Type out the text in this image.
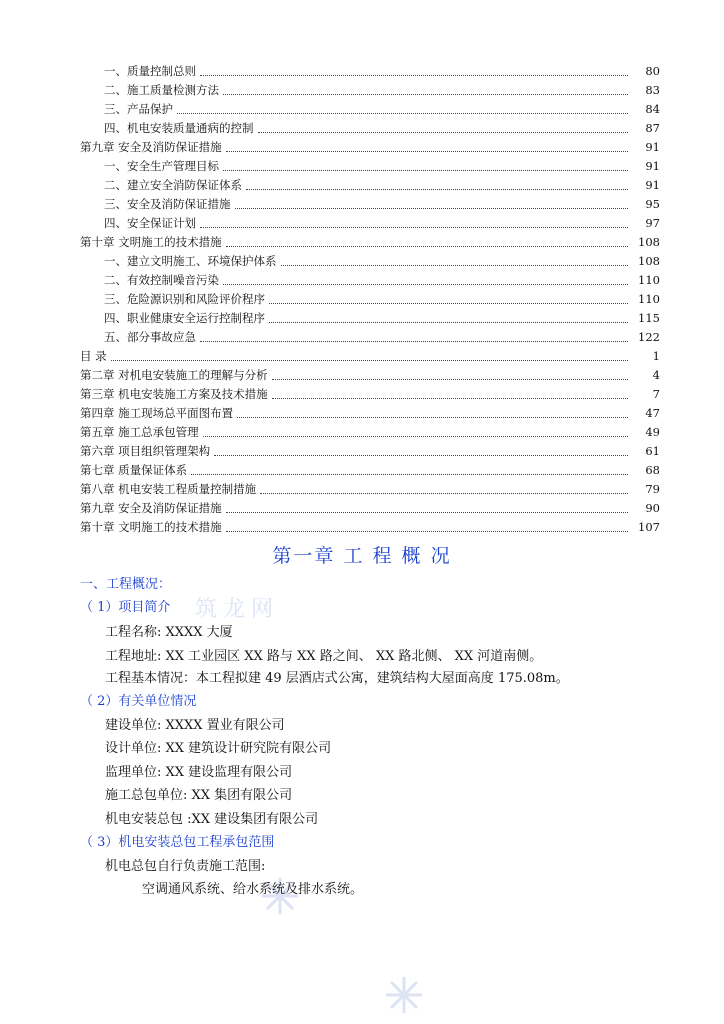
一、质量控制总则	80
二、施工质量检测方法	83
三、产品保护	84
四、机电安装质量通病的控制	87
第九章 安全及消防保证措施	91
一、安全生产管理目标	91
二、建立安全消防保证体系	91
三、安全及消防保证措施	95
四、安全保证计划	97
第十章 文明施工的技术措施	108
一、建立文明施工、环境保护体系	108
二、有效控制噪音污染	110
三、危险源识别和风险评价程序	110
四、职业健康安全运行控制程序	115
五、部分事故应急	122
目 录	1
第二章 对机电安装施工的理解与分析	4
第三章 机电安装施工方案及技术措施	7
第四章 施工现场总平面图布置	47
第五章 施工总承包管理	49
第六章 项目组织管理架构	61
第七章 质量保证体系	68
第八章 机电安装工程质量控制措施	79
第九章 安全及消防保证措施	90
第十章 文明施工的技术措施	107
筑龙网
第一章 工 程 概 况
一、工程概况：
（ 1）项目简介
工程名称: XXXX 大厦
工程地址: XX 工业园区 XX 路与 XX 路之间、 XX 路北侧、 XX 河道南侧。
工程基本情况：本工程拟建 49 层酒店式公寓，建筑结构大屋面高度 175.08m。
（ 2）有关单位情况
建设单位: XXXX 置业有限公司
设计单位: XX 建筑设计研究院有限公司
监理单位: XX 建设监理有限公司
施工总包单位: XX 集团有限公司
机电安装总包 :XX 建设集团有限公司
（ 3）机电安装总包工程承包范围
机电总包自行负责施工范围:
空调通风系统、给水系统及排水系统。
